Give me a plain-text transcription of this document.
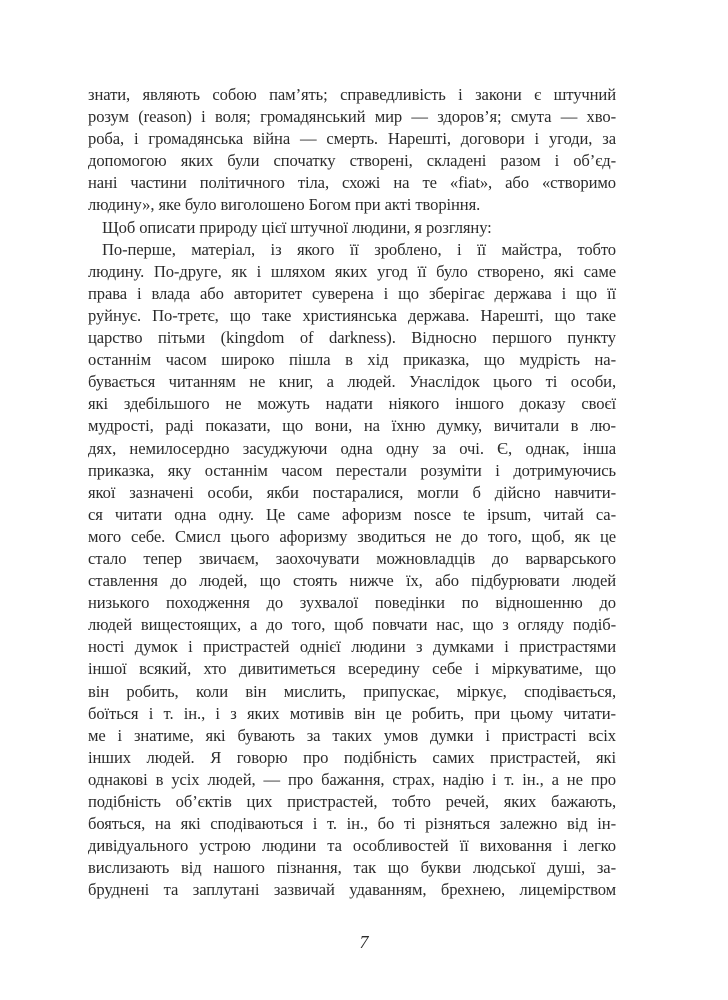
знати, являють собою пам’ять; справедливість і закони є штучний
розум (reason) і воля; громадянський мир — здоров’я; смута — хво-
роба, і громадянська війна — смерть. Нарешті, договори і угоди, за
допомогою яких були спочатку створені, складені разом і об’єд-
нані частини політичного тіла, схожі на те «fiat», або «створимо
людину», яке було виголошено Богом при акті творіння.
Щоб описати природу цієї штучної людини, я розгляну:
По-перше, матеріал, із якого її зроблено, і її майстра, тобто
людину. По-друге, як і шляхом яких угод її було створено, які саме
права і влада або авторитет суверена і що зберігає держава і що її
руйнує. По-третє, що таке християнська держава. Нарешті, що таке
царство пітьми (kingdom of darkness). Відносно першого пункту
останнім часом широко пішла в хід приказка, що мудрість на-
бувається читанням не книг, а людей. Унаслідок цього ті особи,
які здебільшого не можуть надати ніякого іншого доказу своєї
мудрості, раді показати, що вони, на їхню думку, вичитали в лю-
дях, немилосердно засуджуючи одна одну за очі. Є, однак, інша
приказка, яку останнім часом перестали розуміти і дотримуючись
якої зазначені особи, якби постаралися, могли б дійсно навчити-
ся читати одна одну. Це саме афоризм nosce te ipsum, читай са-
мого себе. Смисл цього афоризму зводиться не до того, щоб, як це
стало тепер звичаєм, заохочувати можновладців до варварського
ставлення до людей, що стоять нижче їх, або підбурювати людей
низького походження до зухвалої поведінки по відношенню до
людей вищестоящих, а до того, щоб повчати нас, що з огляду подіб-
ності думок і пристрастей однієї людини з думками і пристрастями
іншої всякий, хто дивитиметься всередину себе і міркуватиме, що
він робить, коли він мислить, припускає, міркує, сподівається,
боїться і т. ін., і з яких мотивів він це робить, при цьому читати-
ме і знатиме, які бувають за таких умов думки і пристрасті всіх
інших людей. Я говорю про подібність самих пристрастей, які
однакові в усіх людей, — про бажання, страх, надію і т. ін., а не про
подібність об’єктів цих пристрастей, тобто речей, яких бажають,
бояться, на які сподіваються і т. ін., бо ті різняться залежно від ін-
дивідуального устрою людини та особливостей її виховання і легко
вислизають від нашого пізнання, так що букви людської душі, за-
бруднені та заплутані зазвичай удаванням, брехнею, лицемірством
7
